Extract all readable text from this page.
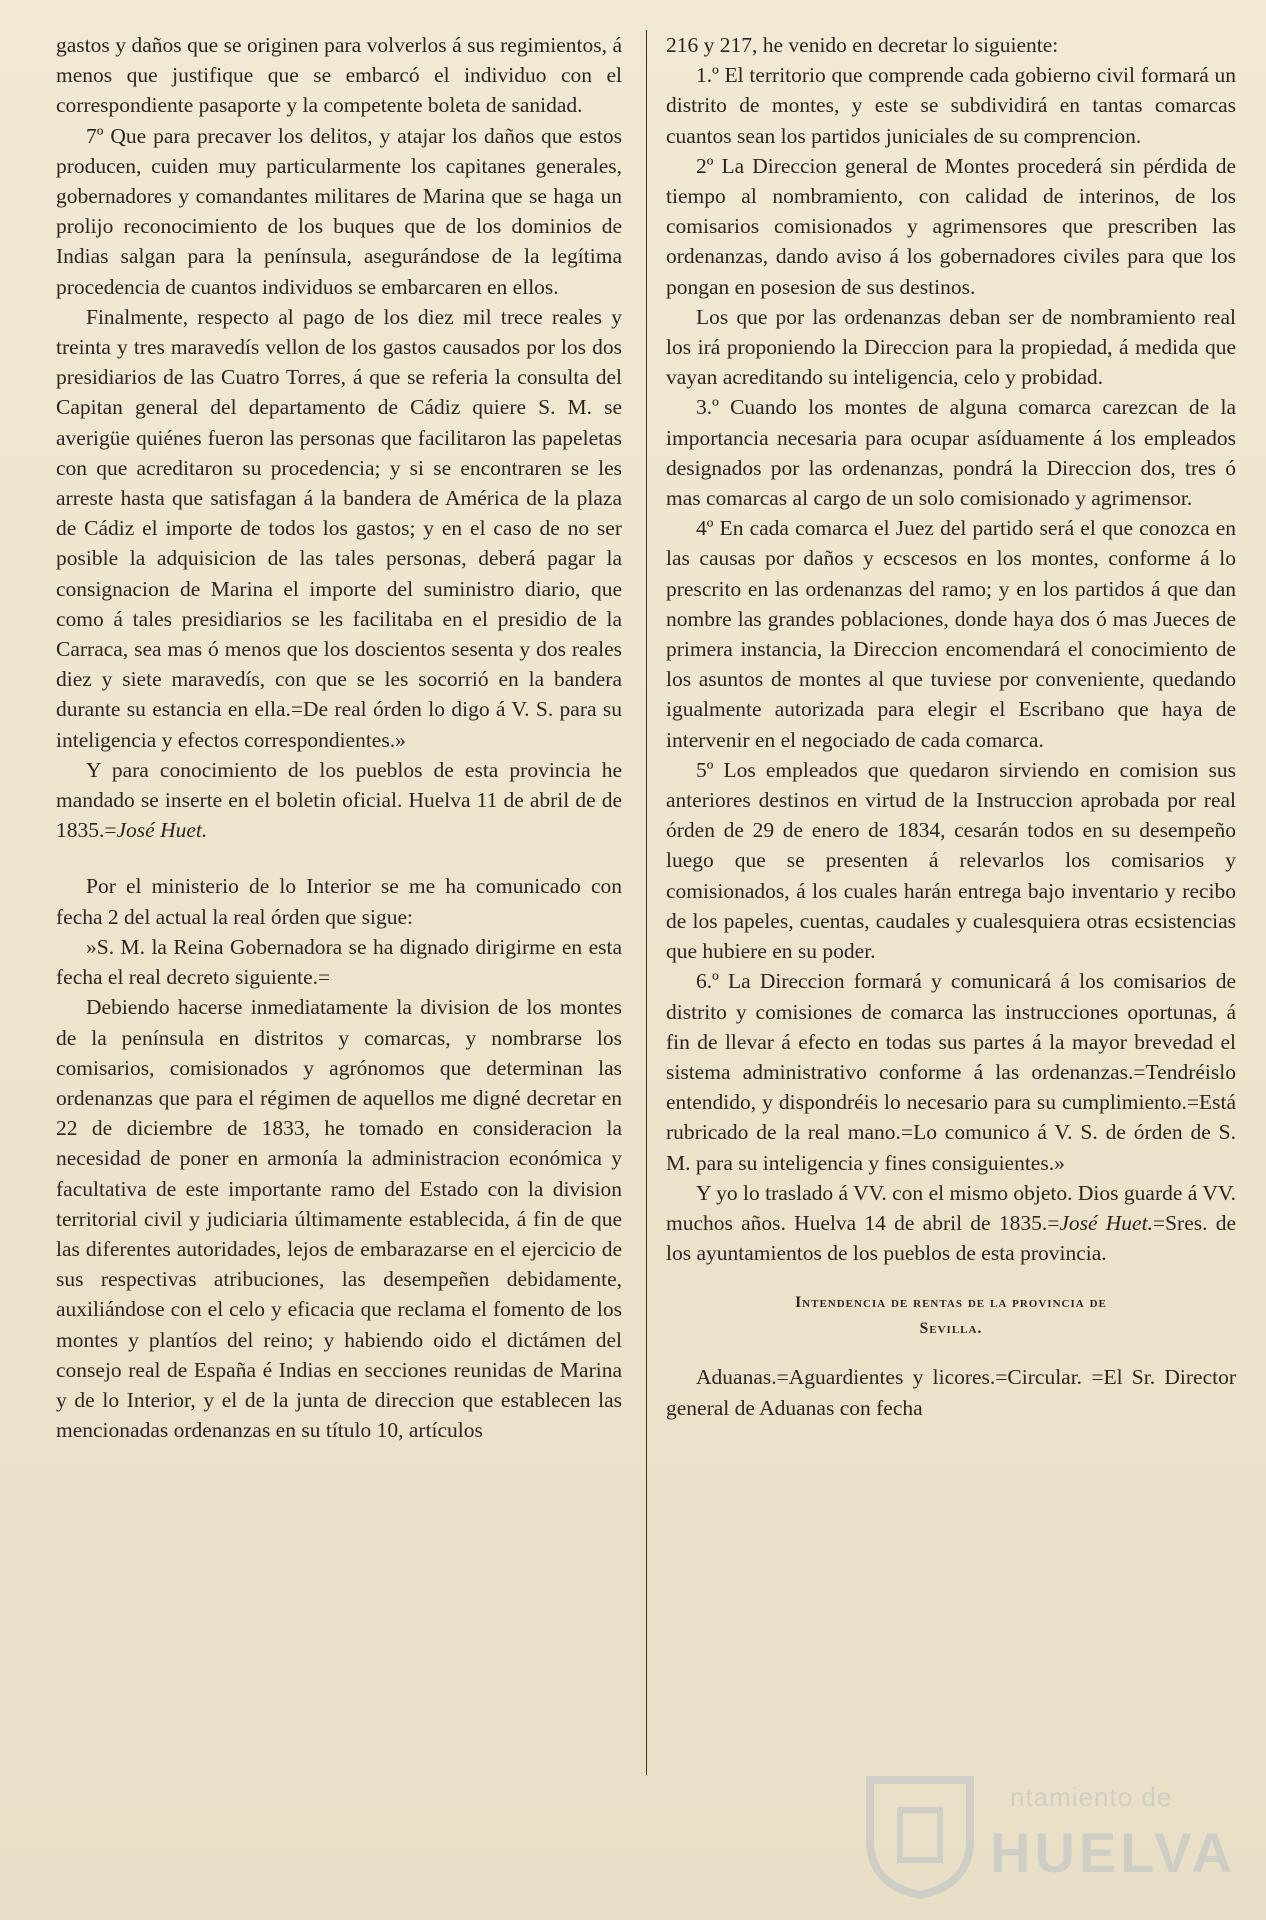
gastos y daños que se originen para volverlos á sus regimientos, á menos que justifique que se embarcó el individuo con el correspondiente pasaporte y la competente boleta de sanidad.

7º Que para precaver los delitos, y atajar los daños que estos producen, cuiden muy particularmente los capitanes generales, gobernadores y comandantes militares de Marina que se haga un prolijo reconocimiento de los buques que de los dominios de Indias salgan para la península, asegurándose de la legítima procedencia de cuantos individuos se embarcaren en ellos.

Finalmente, respecto al pago de los diez mil trece reales y treinta y tres maravedís vellon de los gastos causados por los dos presidiarios de las Cuatro Torres, á que se referia la consulta del Capitan general del departamento de Cádiz quiere S. M. se averigüe quiénes fueron las personas que facilitaron las papeletas con que acreditaron su procedencia; y si se encontraren se les arreste hasta que satisfagan á la bandera de América de la plaza de Cádiz el importe de todos los gastos; y en el caso de no ser posible la adquisicion de las tales personas, deberá pagar la consignacion de Marina el importe del suministro diario, que como á tales presidiarios se les facilitaba en el presidio de la Carraca, sea mas ó menos que los doscientos sesenta y dos reales diez y siete maravedís, con que se les socorrió en la bandera durante su estancia en ella.=De real órden lo digo á V. S. para su inteligencia y efectos correspondientes.»

Y para conocimiento de los pueblos de esta provincia he mandado se inserte en el boletin oficial. Huelva 11 de abril de de 1835.=José Huet.

Por el ministerio de lo Interior se me ha comunicado con fecha 2 del actual la real órden que sigue:

»S. M. la Reina Gobernadora se ha dignado dirigirme en esta fecha el real decreto siguiente.=

Debiendo hacerse inmediatamente la division de los montes de la península en distritos y comarcas, y nombrarse los comisarios, comisionados y agrónomos que determinan las ordenanzas que para el régimen de aquellos me digné decretar en 22 de diciembre de 1833, he tomado en consideracion la necesidad de poner en armonía la administracion económica y facultativa de este importante ramo del Estado con la division territorial civil y judiciaria últimamente establecida, á fin de que las diferentes autoridades, lejos de embarazarse en el ejercicio de sus respectivas atribuciones, las desempeñen debidamente, auxiliándose con el celo y eficacia que reclama el fomento de los montes y plantíos del reino; y habiendo oido el dictámen del consejo real de España é Indias en secciones reunidas de Marina y de lo Interior, y el de la junta de direccion que establecen las mencionadas ordenanzas en su título 10, artículos

216 y 217, he venido en decretar lo siguiente:

1.º El territorio que comprende cada gobierno civil formará un distrito de montes, y este se subdividirá en tantas comarcas cuantos sean los partidos juniciales de su comprencion.

2º La Direccion general de Montes procederá sin pérdida de tiempo al nombramiento, con calidad de interinos, de los comisarios comisionados y agrimensores que prescriben las ordenanzas, dando aviso á los gobernadores civiles para que los pongan en posesion de sus destinos.

Los que por las ordenanzas deban ser de nombramiento real los irá proponiendo la Direccion para la propiedad, á medida que vayan acreditando su inteligencia, celo y probidad.

3.º Cuando los montes de alguna comarca carezcan de la importancia necesaria para ocupar asíduamente á los empleados designados por las ordenanzas, pondrá la Direccion dos, tres ó mas comarcas al cargo de un solo comisionado y agrimensor.

4º En cada comarca el Juez del partido será el que conozca en las causas por daños y ecscesos en los montes, conforme á lo prescrito en las ordenanzas del ramo; y en los partidos á que dan nombre las grandes poblaciones, donde haya dos ó mas Jueces de primera instancia, la Direccion encomendará el conocimiento de los asuntos de montes al que tuviese por conveniente, quedando igualmente autorizada para elegir el Escribano que haya de intervenir en el negociado de cada comarca.

5º Los empleados que quedaron sirviendo en comision sus anteriores destinos en virtud de la Instruccion aprobada por real órden de 29 de enero de 1834, cesarán todos en su desempeño luego que se presenten á relevarlos los comisarios y comisionados, á los cuales harán entrega bajo inventario y recibo de los papeles, cuentas, caudales y cualesquiera otras ecsistencias que hubiere en su poder.

6.º La Direccion formará y comunicará á los comisarios de distrito y comisiones de comarca las instrucciones oportunas, á fin de llevar á efecto en todas sus partes á la mayor brevedad el sistema administrativo conforme á las ordenanzas.=Tendréislo entendido, y dispondréis lo necesario para su cumplimiento.=Está rubricado de la real mano.=Lo comunico á V. S. de órden de S. M. para su inteligencia y fines consiguientes.»

Y yo lo traslado á VV. con el mismo objeto. Dios guarde á VV. muchos años. Huelva 14 de abril de 1835.=José Huet.=Sres. de los ayuntamientos de los pueblos de esta provincia.

Intendencia de rentas de la provincia de
Sevilla.

Aduanas.=Aguardientes y licores.=Circular. =El Sr. Director general de Aduanas con fecha

ntamiento de
HUELVA
